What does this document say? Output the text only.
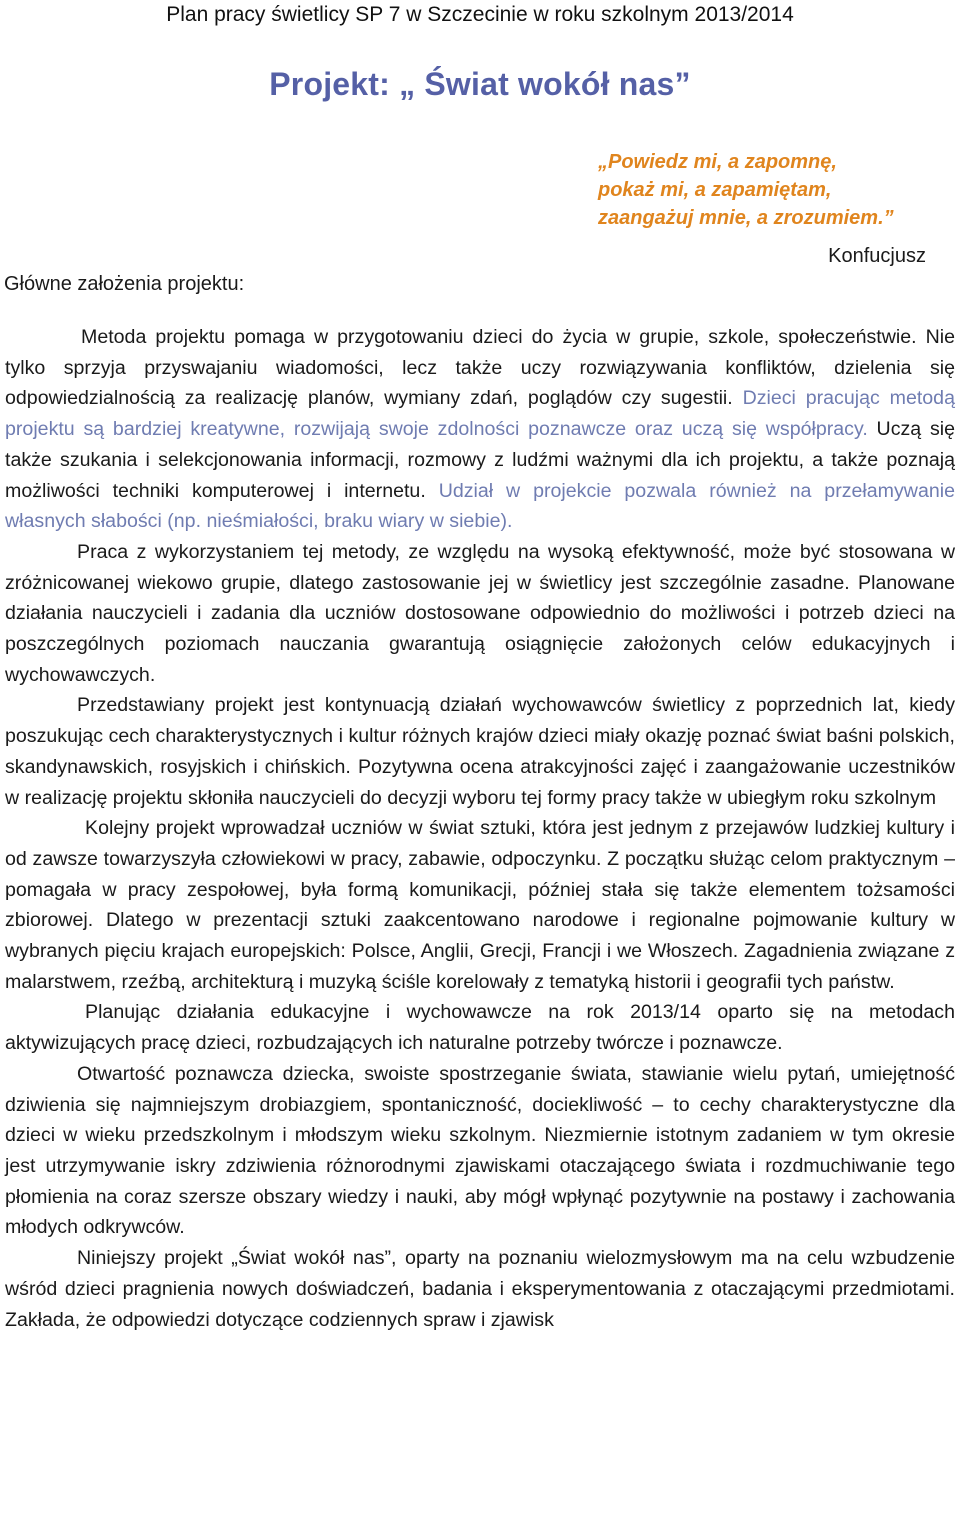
Plan pracy świetlicy SP 7 w Szczecinie w roku szkolnym 2013/2014
Projekt: „ Świat wokół nas”
„Powiedz mi, a zapomnę,
pokaż mi, a zapamiętam,
zaangażuj mnie, a zrozumiem.”
Konfucjusz
Główne założenia projektu:

Metoda projektu pomaga w przygotowaniu dzieci do życia w grupie, szkole, społeczeństwie. Nie tylko sprzyja przyswajaniu wiadomości, lecz także uczy rozwiązywania konfliktów, dzielenia się odpowiedzialnością za realizację planów, wymiany zdań, poglądów czy sugestii. Dzieci pracując metodą projektu są bardziej kreatywne, rozwijają swoje zdolności poznawcze oraz uczą się współpracy. Uczą się także szukania i selekcjonowania informacji, rozmowy z ludźmi ważnymi dla ich projektu, a także poznają możliwości techniki komputerowej i internetu. Udział w projekcie pozwala również na przełamywanie własnych słabości (np. nieśmiałości, braku wiary w siebie).

Praca z wykorzystaniem tej metody, ze względu na wysoką efektywność, może być stosowana w zróżnicowanej wiekowo grupie, dlatego zastosowanie jej w świetlicy jest szczególnie zasadne. Planowane działania nauczycieli i zadania dla uczniów dostosowane odpowiednio do możliwości i potrzeb dzieci na poszczególnych poziomach nauczania gwarantują osiągnięcie założonych celów edukacyjnych i wychowawczych.

Przedstawiany projekt jest kontynuacją działań wychowawców świetlicy z poprzednich lat, kiedy poszukując cech charakterystycznych i kultur różnych krajów dzieci miały okazję poznać świat baśni polskich, skandynawskich, rosyjskich i chińskich. Pozytywna ocena atrakcyjności zajęć i zaangażowanie uczestników w realizację projektu skłoniła nauczycieli do decyzji wyboru tej formy pracy także w ubiegłym roku szkolnym

Kolejny projekt wprowadzał uczniów w świat sztuki, która jest jednym z przejawów ludzkiej kultury i od zawsze towarzyszyła człowiekowi w pracy, zabawie, odpoczynku. Z początku służąc celom praktycznym – pomagała w pracy zespołowej, była formą komunikacji, później stała się także elementem tożsamości zbiorowej. Dlatego w prezentacji sztuki zaakcentowano narodowe i regionalne pojmowanie kultury w wybranych pięciu krajach europejskich: Polsce, Anglii, Grecji, Francji i we Włoszech. Zagadnienia związane z malarstwem, rzeźbą, architekturą i muzyką ściśle korelowały z tematyką historii i geografii tych państw.

Planując działania edukacyjne i wychowawcze na rok 2013/14 oparto się na metodach aktywizujących pracę dzieci, rozbudzających ich naturalne potrzeby twórcze i poznawcze.

Otwartość poznawcza dziecka, swoiste spostrzeganie świata, stawianie wielu pytań, umiejętność dziwienia się najmniejszym drobiazgiem, spontaniczność, dociekliwość – to cechy charakterystyczne dla dzieci w wieku przedszkolnym i młodszym wieku szkolnym. Niezmiernie istotnym zadaniem w tym okresie jest utrzymywanie iskry zdziwienia różnorodnymi zjawiskami otaczającego świata i rozdmuchiwanie tego płomienia na coraz szersze obszary wiedzy i nauki, aby mógł wpłynąć pozytywnie na postawy i zachowania młodych odkrywców.

Niniejszy projekt „Świat wokół nas”, oparty na poznaniu wielozmysłowym ma na celu wzbudzenie wśród dzieci pragnienia nowych doświadczeń, badania i eksperymentowania z otaczającymi przedmiotami. Zakłada, że odpowiedzi dotyczące codziennych spraw i zjawisk
